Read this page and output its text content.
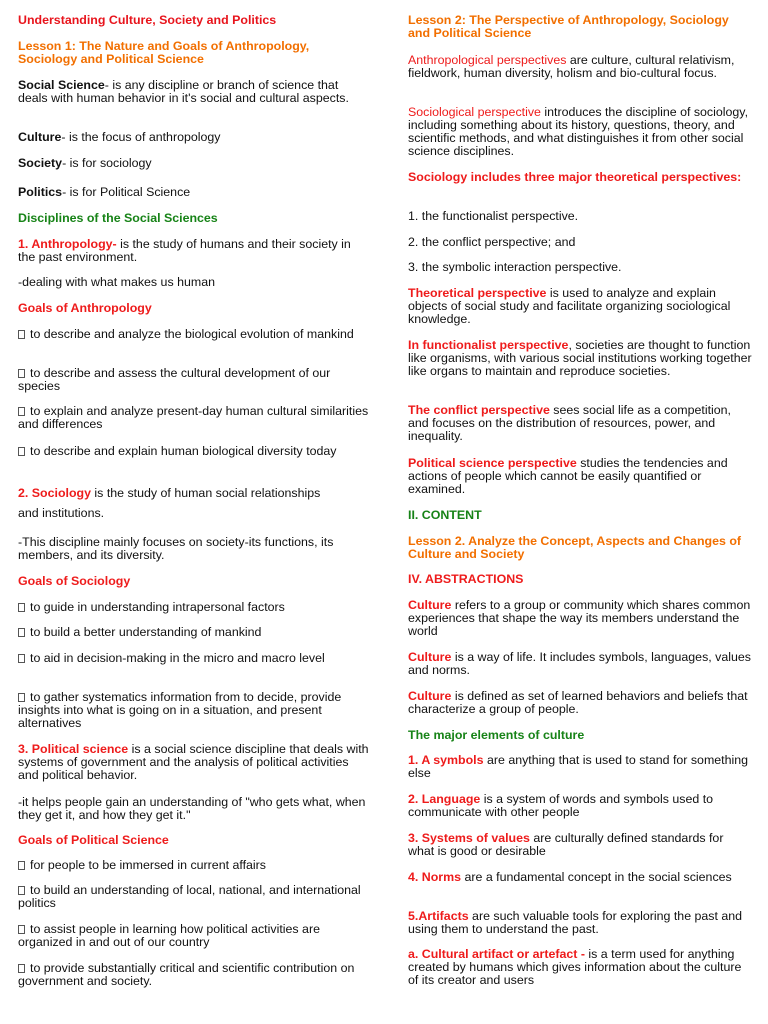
Understanding Culture, Society and Politics

Lesson 1: The Nature and Goals of Anthropology, Sociology and Political Science

Social Science- is any discipline or branch of science that deals with human behavior in it's social and cultural aspects.

Culture- is the focus of anthropology

Society- is for sociology

Politics- is for Political Science

Disciplines of the Social Sciences

1. Anthropology- is the study of humans and their society in the past environment.

-dealing with what makes us human

Goals of Anthropology

to describe and analyze the biological evolution of mankind

to describe and assess the cultural development of our species

to explain and analyze present-day human cultural similarities and differences

to describe and explain human biological diversity today

2. Sociology is the study of human social relationships

and institutions.

-This discipline mainly focuses on society-its functions, its members, and its diversity.

Goals of Sociology

to guide in understanding intrapersonal factors

to build a better understanding of mankind

to aid in decision-making in the micro and macro level

to gather systematics information from to decide, provide insights into what is going on in a situation, and present alternatives

3. Political science is a social science discipline that deals with systems of government and the analysis of political activities and political behavior.

-it helps people gain an understanding of "who gets what, when they get it, and how they get it."

Goals of Political Science

for people to be immersed in current affairs

to build an understanding of local, national, and international politics

to assist people in learning how political activities are organized in and out of our country

to provide substantially critical and scientific contribution on government and society.

Lesson 2: The Perspective of Anthropology, Sociology and Political Science

Anthropological perspectives are culture, cultural relativism, fieldwork, human diversity, holism and bio-cultural focus.

Sociological perspective introduces the discipline of sociology, including something about its history, questions, theory, and scientific methods, and what distinguishes it from other social science disciplines.

Sociology includes three major theoretical perspectives:

1. the functionalist perspective.

2. the conflict perspective; and

3. the symbolic interaction perspective.

Theoretical perspective is used to analyze and explain objects of social study and facilitate organizing sociological knowledge.

In functionalist perspective, societies are thought to function like organisms, with various social institutions working together like organs to maintain and reproduce societies.

The conflict perspective sees social life as a competition, and focuses on the distribution of resources, power, and inequality.

Political science perspective studies the tendencies and actions of people which cannot be easily quantified or examined.

II. CONTENT

Lesson 2. Analyze the Concept, Aspects and Changes of Culture and Society

IV. ABSTRACTIONS

Culture refers to a group or community which shares common experiences that shape the way its members understand the world

Culture is a way of life. It includes symbols, languages, values and norms.

Culture is defined as set of learned behaviors and beliefs that characterize a group of people.

The major elements of culture

1. A symbols are anything that is used to stand for something else

2. Language is a system of words and symbols used to communicate with other people

3. Systems of values are culturally defined standards for what is good or desirable

4. Norms are a fundamental concept in the social sciences

5.Artifacts are such valuable tools for exploring the past and using them to understand the past.

a. Cultural artifact or artefact - is a term used for anything created by humans which gives information about the culture of its creator and users
